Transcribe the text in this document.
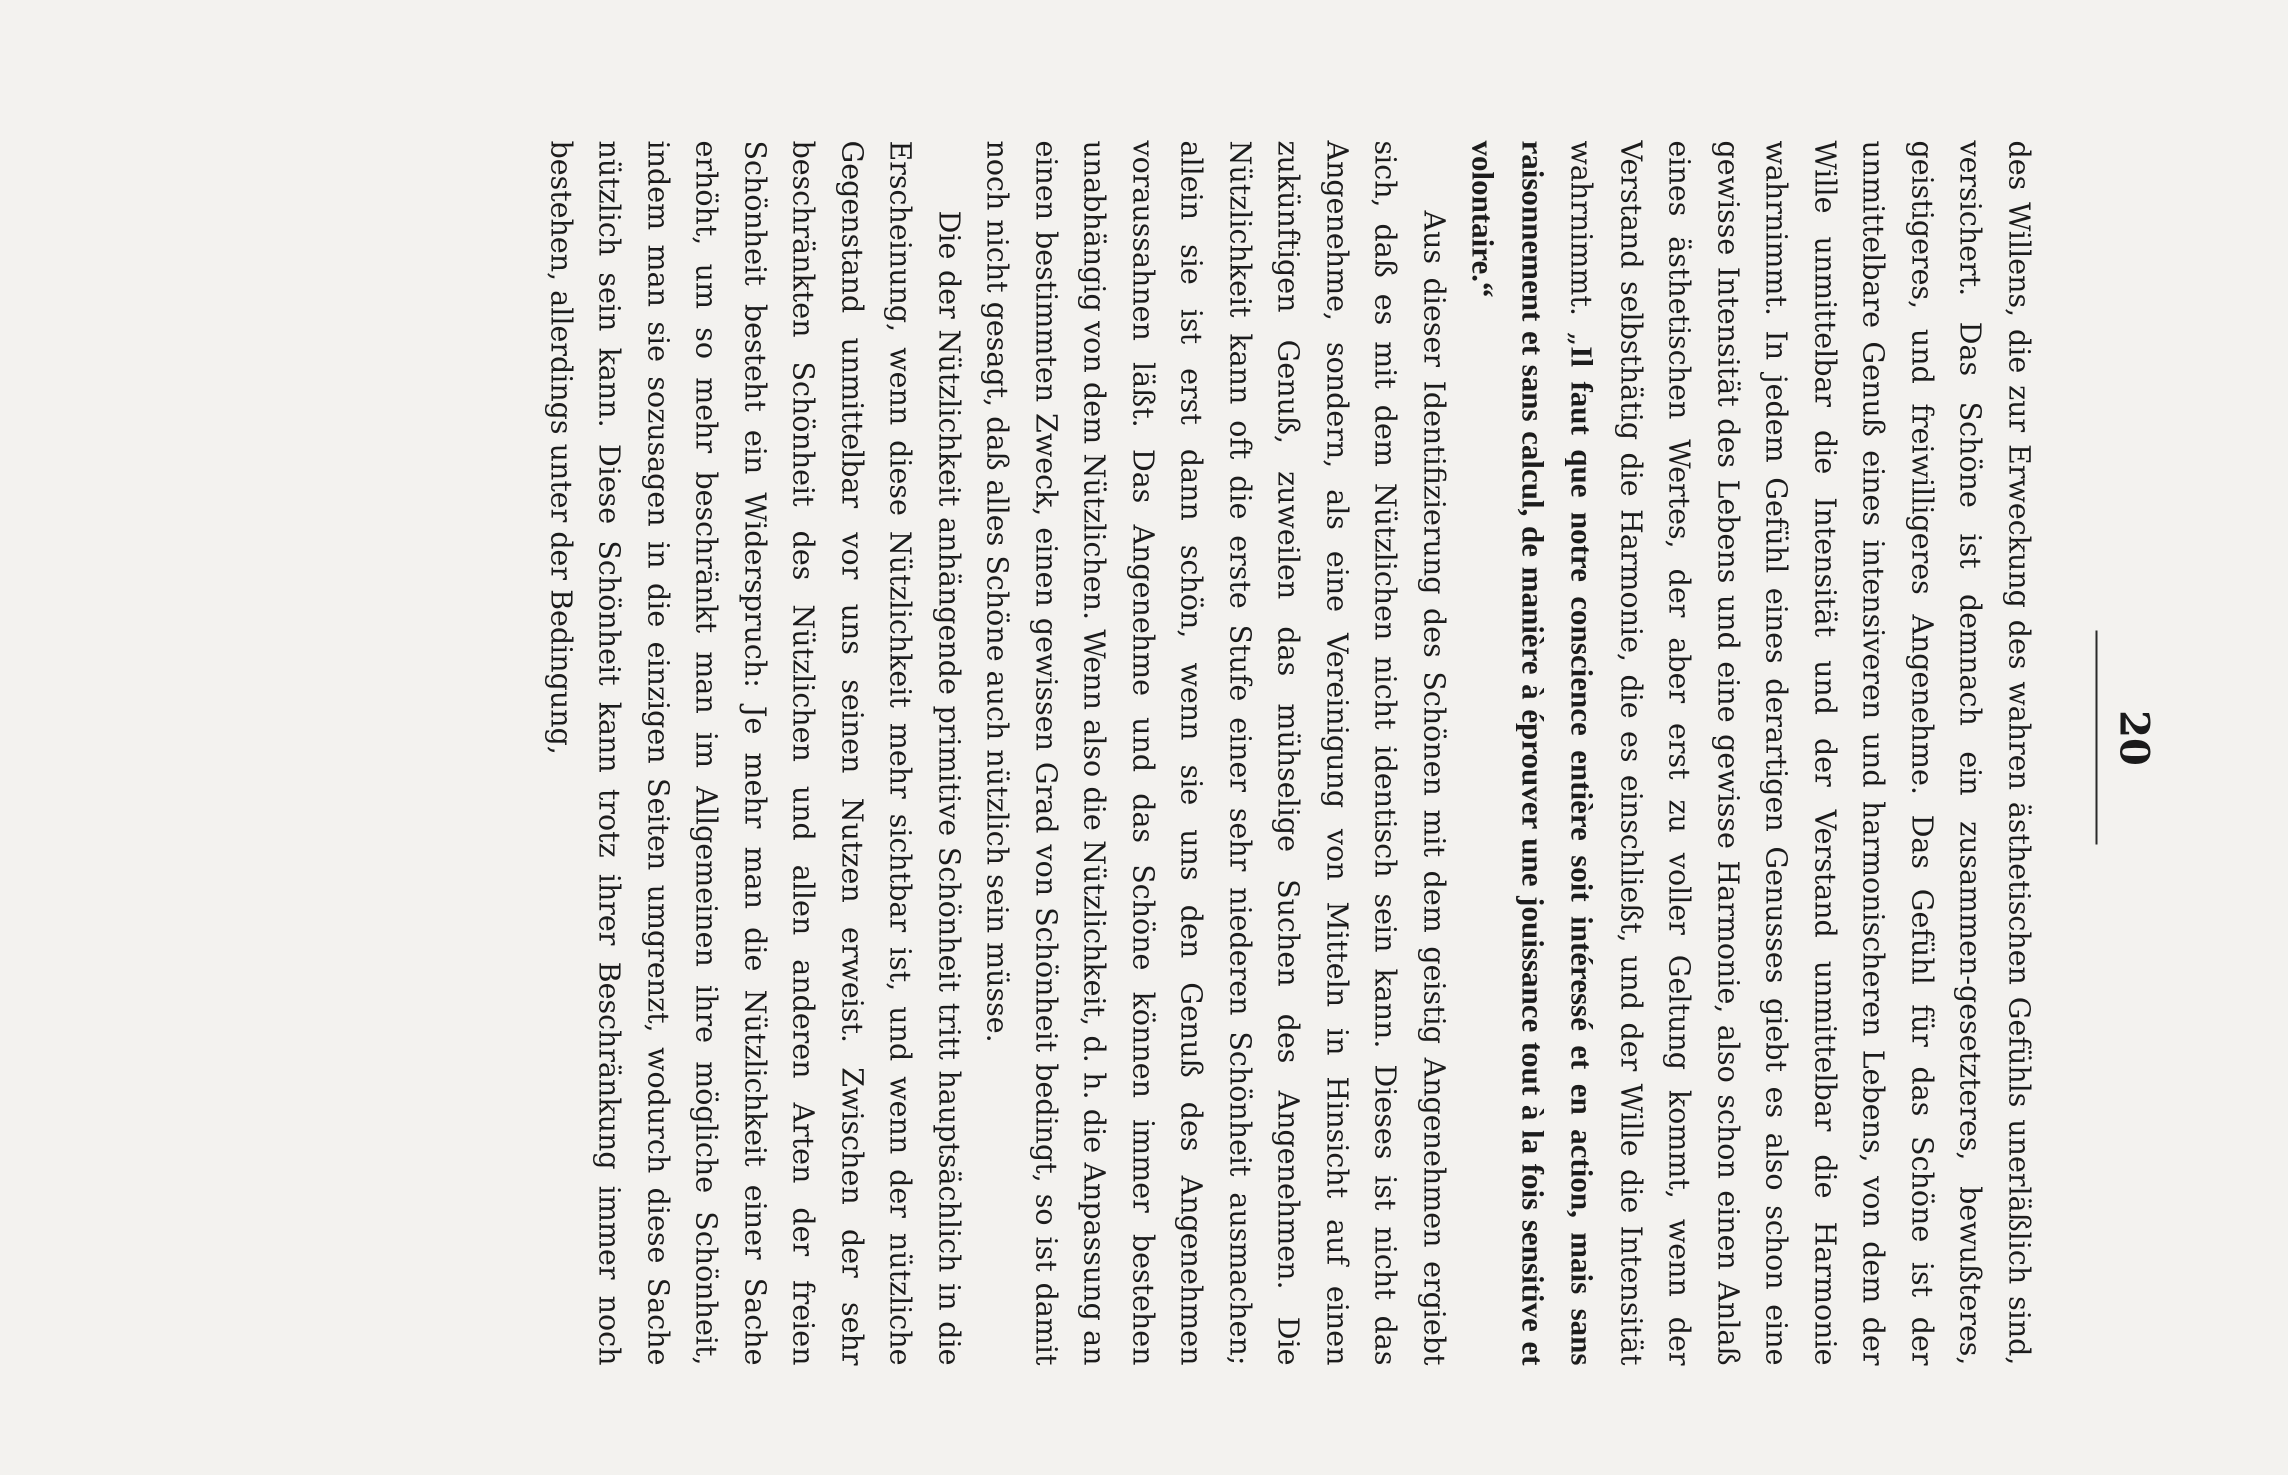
20

des Willens, die zur Erweckung des wahren ästhetischen Gefühls unerläßlich sind, versichert. Das Schöne ist demnach ein zusammen-gesetzteres, bewußteres, geistigeres, und freiwilligeres Angenehme. Das Gefühl für das Schöne ist der unmittelbare Genuß eines intensiveren und harmonischeren Lebens, von dem der Wille unmittelbar die Intensität und der Verstand unmittelbar die Harmonie wahrnimmt. In jedem Gefühl eines derartigen Genusses giebt es also schon eine gewisse Intensität des Lebens und eine gewisse Harmonie, also schon einen Anlaß eines ästhetischen Wertes, der aber erst zu voller Geltung kommt, wenn der Verstand selbsthätig die Harmonie, die es einschließt, und der Wille die Intensität wahrnimmt. „Il faut que notre conscience entière soit intéressé et en action, mais sans raisonnement et sans calcul, de manière à éprouver une jouissance tout à la fois sensitive et volontaire.“

Aus dieser Identifizierung des Schönen mit dem geistig Angenehmen ergiebt sich, daß es mit dem Nützlichen nicht identisch sein kann. Dieses ist nicht das Angenehme, sondern, als eine Vereinigung von Mitteln in Hinsicht auf einen zukünftigen Genuß, zuweilen das mühselige Suchen des Angenehmen. Die Nützlichkeit kann oft die erste Stufe einer sehr niederen Schönheit ausmachen; allein sie ist erst dann schön, wenn sie uns den Genuß des Angenehmen voraussahnen läßt. Das Angenehme und das Schöne können immer bestehen unabhängig von dem Nützlichen. Wenn also die Nützlichkeit, d. h. die Anpassung an einen bestimmten Zweck, einen gewissen Grad von Schönheit bedingt, so ist damit noch nicht gesagt, daß alles Schöne auch nützlich sein müsse.

Die der Nützlichkeit anhängende primitive Schönheit tritt hauptsächlich in die Erscheinung, wenn diese Nützlichkeit mehr sichtbar ist, und wenn der nützliche Gegenstand unmittelbar vor uns seinen Nutzen erweist. Zwischen der sehr beschränkten Schönheit des Nützlichen und allen anderen Arten der freien Schönheit besteht ein Widerspruch: Je mehr man die Nützlichkeit einer Sache erhöht, um so mehr beschränkt man im Allgemeinen ihre mögliche Schönheit, indem man sie sozusagen in die einzigen Seiten umgrenzt, wodurch diese Sache nützlich sein kann. Diese Schönheit kann trotz ihrer Beschränkung immer noch bestehen, allerdings unter der Bedingung,
